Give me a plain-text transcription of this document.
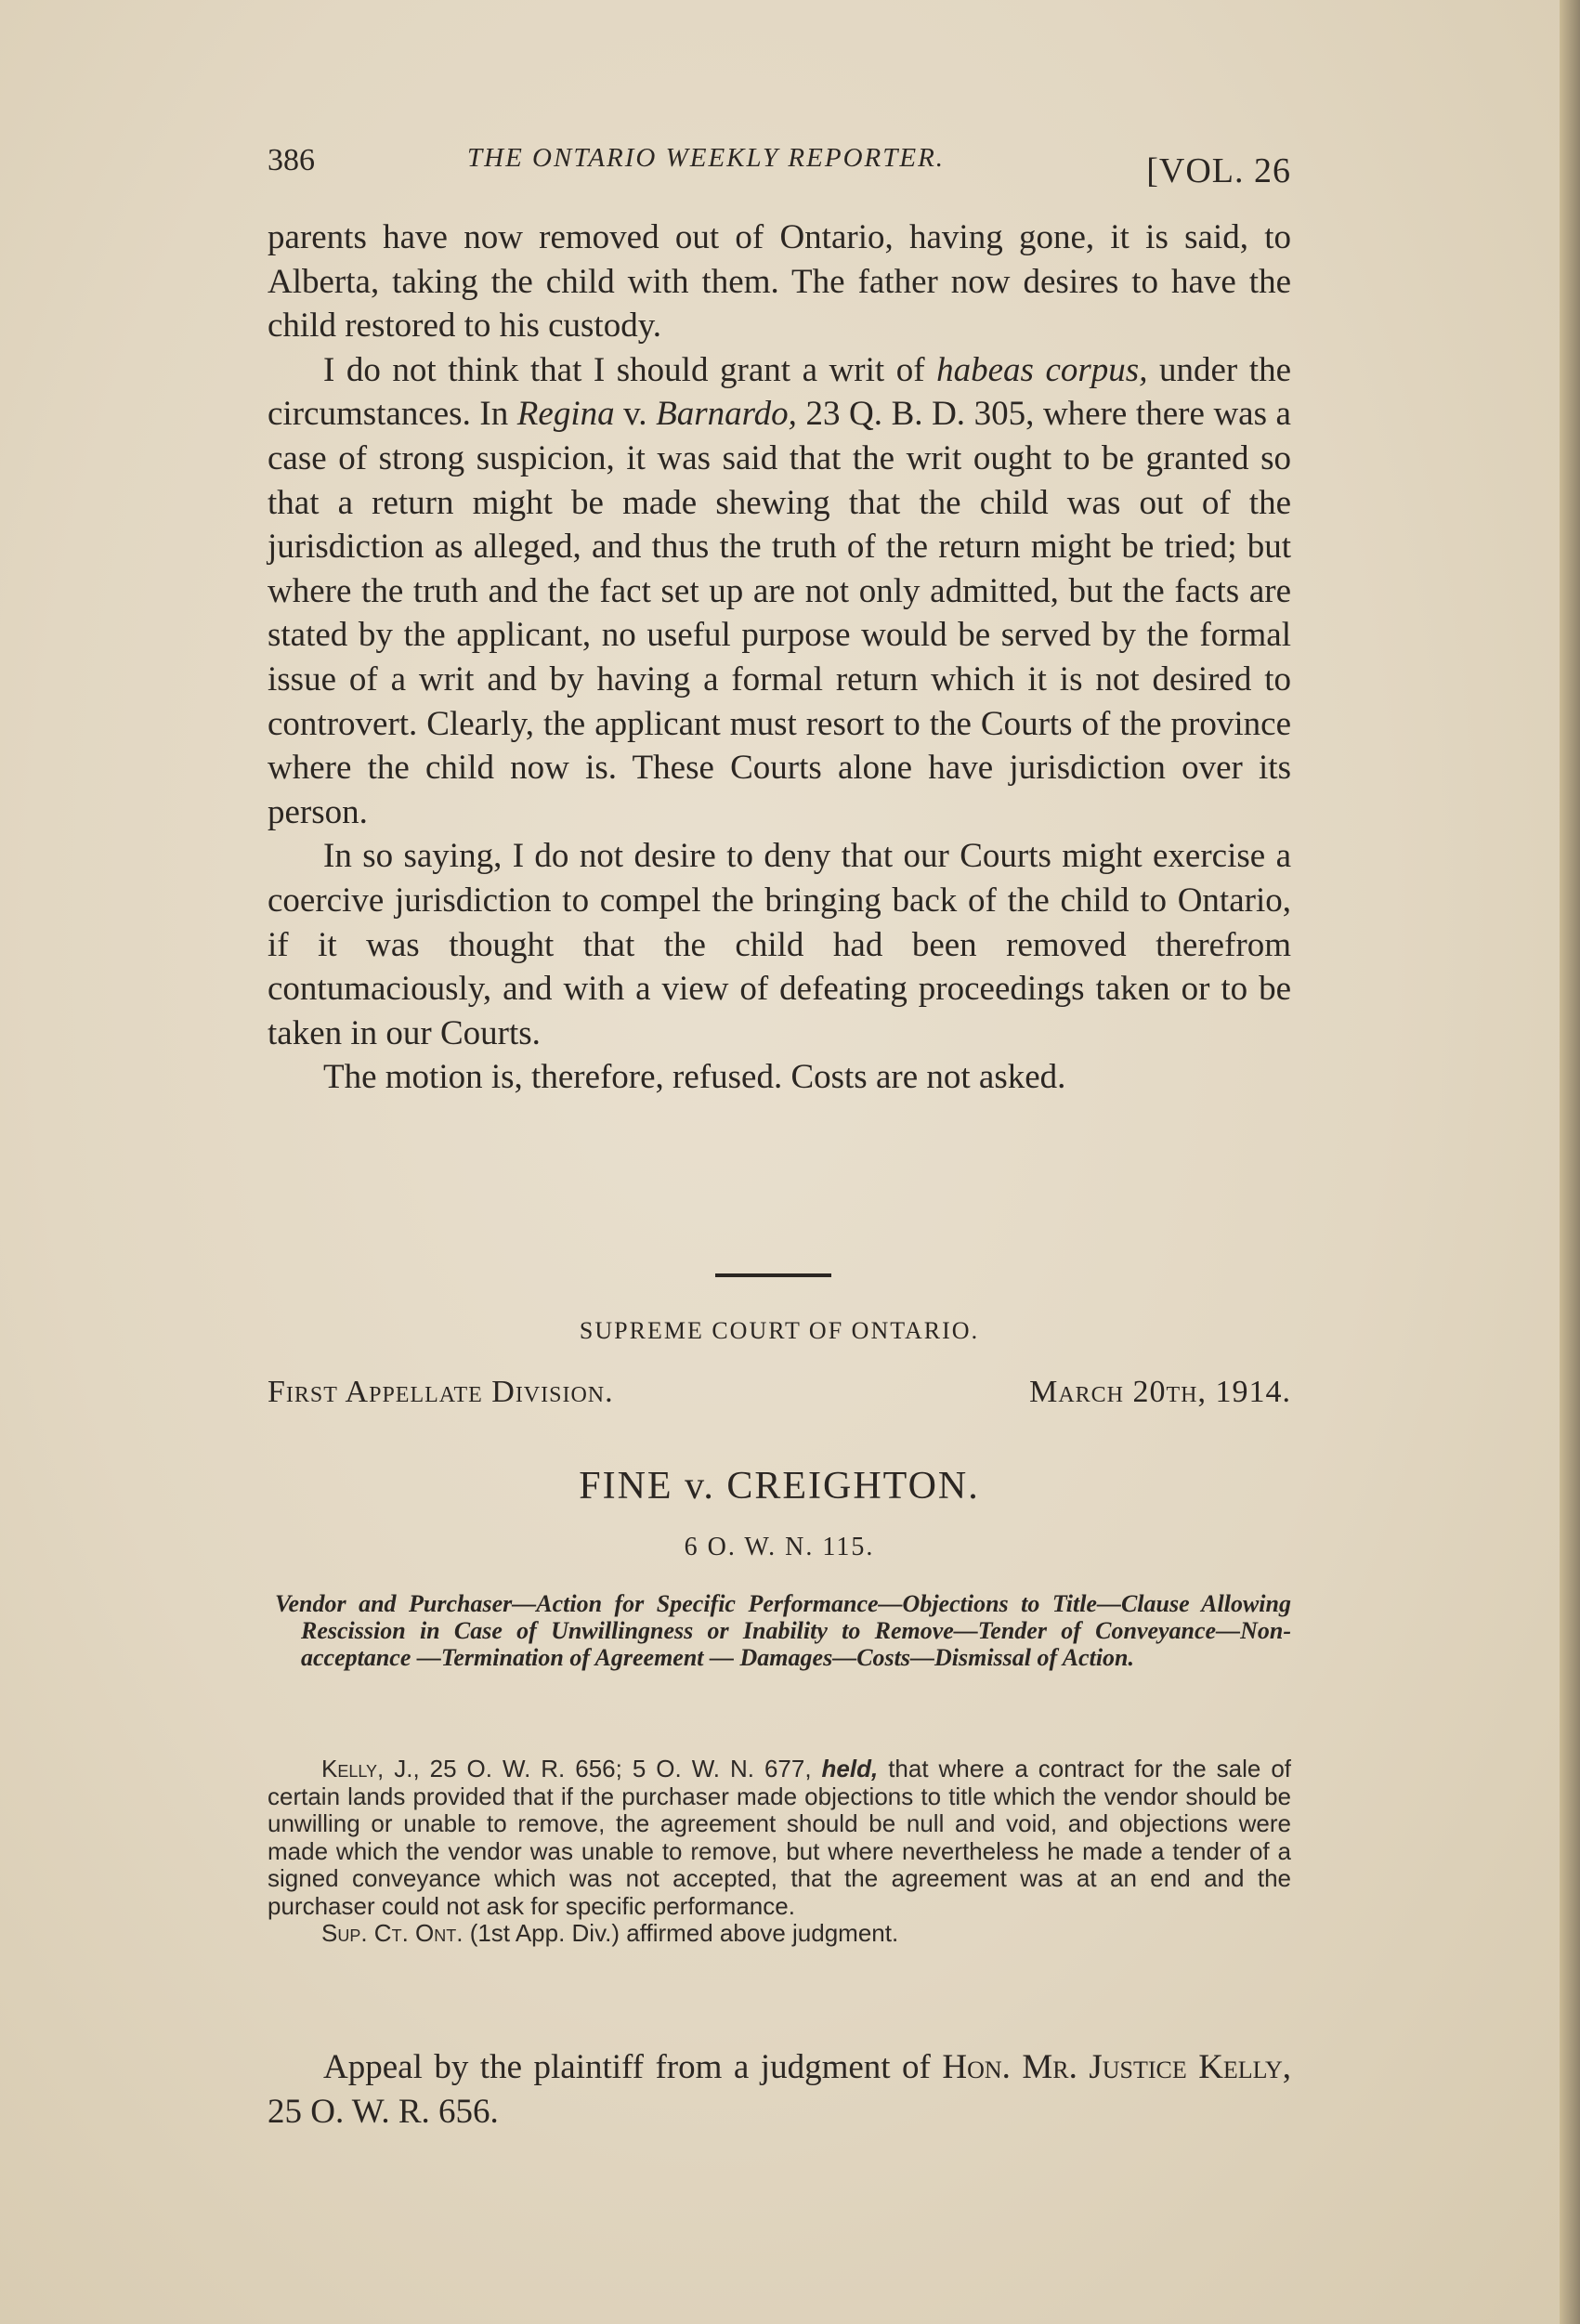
386	THE ONTARIO WEEKLY REPORTER.	[VOL. 26

parents have now removed out of Ontario, having gone, it is said, to Alberta, taking the child with them. The father now desires to have the child restored to his custody.

I do not think that I should grant a writ of habeas corpus, under the circumstances. In Regina v. Barnardo, 23 Q. B. D. 305, where there was a case of strong suspicion, it was said that the writ ought to be granted so that a return might be made shewing that the child was out of the jurisdiction as alleged, and thus the truth of the return might be tried; but where the truth and the fact set up are not only admitted, but the facts are stated by the applicant, no useful purpose would be served by the formal issue of a writ and by having a formal return which it is not desired to controvert. Clearly, the applicant must resort to the Courts of the province where the child now is. These Courts alone have jurisdiction over its person.

In so saying, I do not desire to deny that our Courts might exercise a coercive jurisdiction to compel the bringing back of the child to Ontario, if it was thought that the child had been removed therefrom contumaciously, and with a view of defeating proceedings taken or to be taken in our Courts.

The motion is, therefore, refused. Costs are not asked.

SUPREME COURT OF ONTARIO.
First Appellate Division.	March 20th, 1914.
FINE v. CREIGHTON.
6 O. W. N. 115.
Vendor and Purchaser—Action for Specific Performance—Objections to Title—Clause Allowing Rescission in Case of Unwillingness or Inability to Remove—Tender of Conveyance—Non-acceptance —Termination of Agreement — Damages—Costs—Dismissal of Action.

Kelly, J., 25 O. W. R. 656; 5 O. W. N. 677, held, that where a contract for the sale of certain lands provided that if the purchaser made objections to title which the vendor should be unwilling or unable to remove, the agreement should be null and void, and objections were made which the vendor was unable to remove, but where nevertheless he made a tender of a signed conveyance which was not accepted, that the agreement was at an end and the purchaser could not ask for specific performance.

Sup. Ct. Ont. (1st App. Div.) affirmed above judgment.

Appeal by the plaintiff from a judgment of Hon. Mr. Justice Kelly, 25 O. W. R. 656.
